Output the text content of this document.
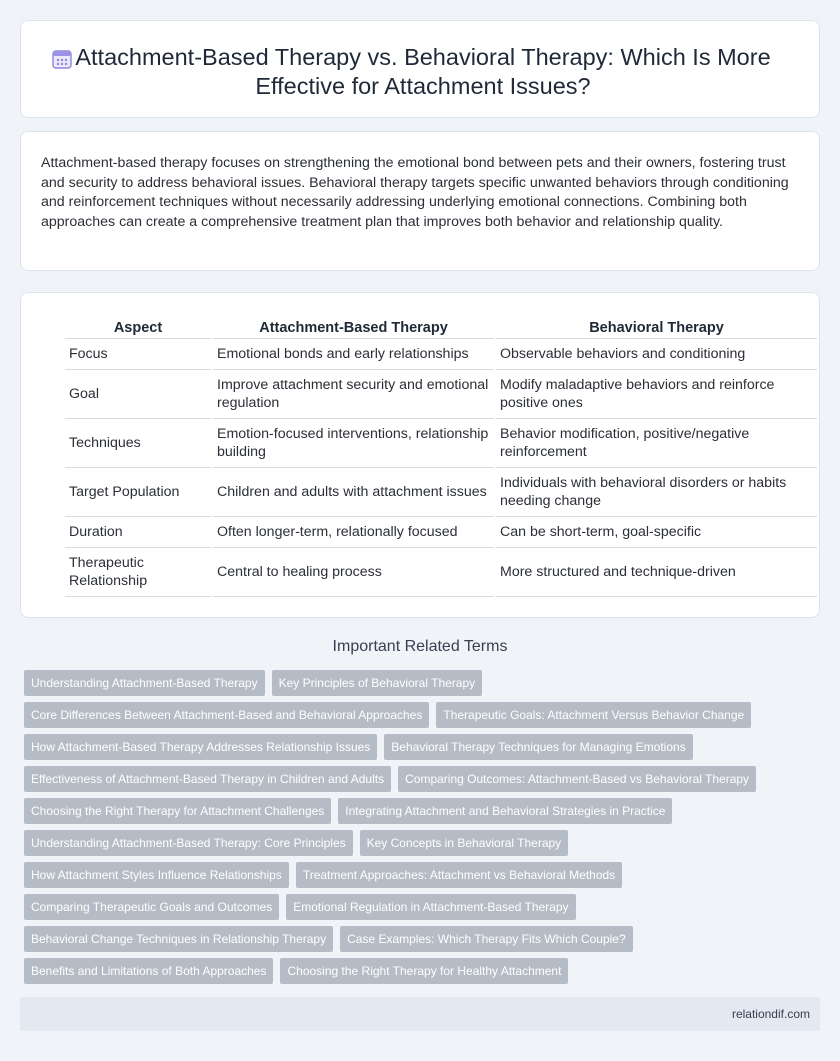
Attachment-Based Therapy vs. Behavioral Therapy: Which Is More Effective for Attachment Issues?

Attachment-based therapy focuses on strengthening the emotional bond between pets and their owners, fostering trust and security to address behavioral issues. Behavioral therapy targets specific unwanted behaviors through conditioning and reinforcement techniques without necessarily addressing underlying emotional connections. Combining both approaches can create a comprehensive treatment plan that improves both behavior and relationship quality.

Aspect	Attachment-Based Therapy	Behavioral Therapy
Focus	Emotional bonds and early relationships	Observable behaviors and conditioning
Goal	Improve attachment security and emotional regulation	Modify maladaptive behaviors and reinforce positive ones
Techniques	Emotion-focused interventions, relationship building	Behavior modification, positive/negative reinforcement
Target Population	Children and adults with attachment issues	Individuals with behavioral disorders or habits needing change
Duration	Often longer-term, relationally focused	Can be short-term, goal-specific
Therapeutic Relationship	Central to healing process	More structured and technique-driven
Important Related Terms
Understanding Attachment-Based Therapy	Key Principles of Behavioral Therapy
Core Differences Between Attachment-Based and Behavioral Approaches	Therapeutic Goals: Attachment Versus Behavior Change
How Attachment-Based Therapy Addresses Relationship Issues	Behavioral Therapy Techniques for Managing Emotions
Effectiveness of Attachment-Based Therapy in Children and Adults	Comparing Outcomes: Attachment-Based vs Behavioral Therapy
Choosing the Right Therapy for Attachment Challenges	Integrating Attachment and Behavioral Strategies in Practice
Understanding Attachment-Based Therapy: Core Principles	Key Concepts in Behavioral Therapy
How Attachment Styles Influence Relationships	Treatment Approaches: Attachment vs Behavioral Methods
Comparing Therapeutic Goals and Outcomes	Emotional Regulation in Attachment-Based Therapy
Behavioral Change Techniques in Relationship Therapy	Case Examples: Which Therapy Fits Which Couple?
Benefits and Limitations of Both Approaches	Choosing the Right Therapy for Healthy Attachment
relationdif.com
